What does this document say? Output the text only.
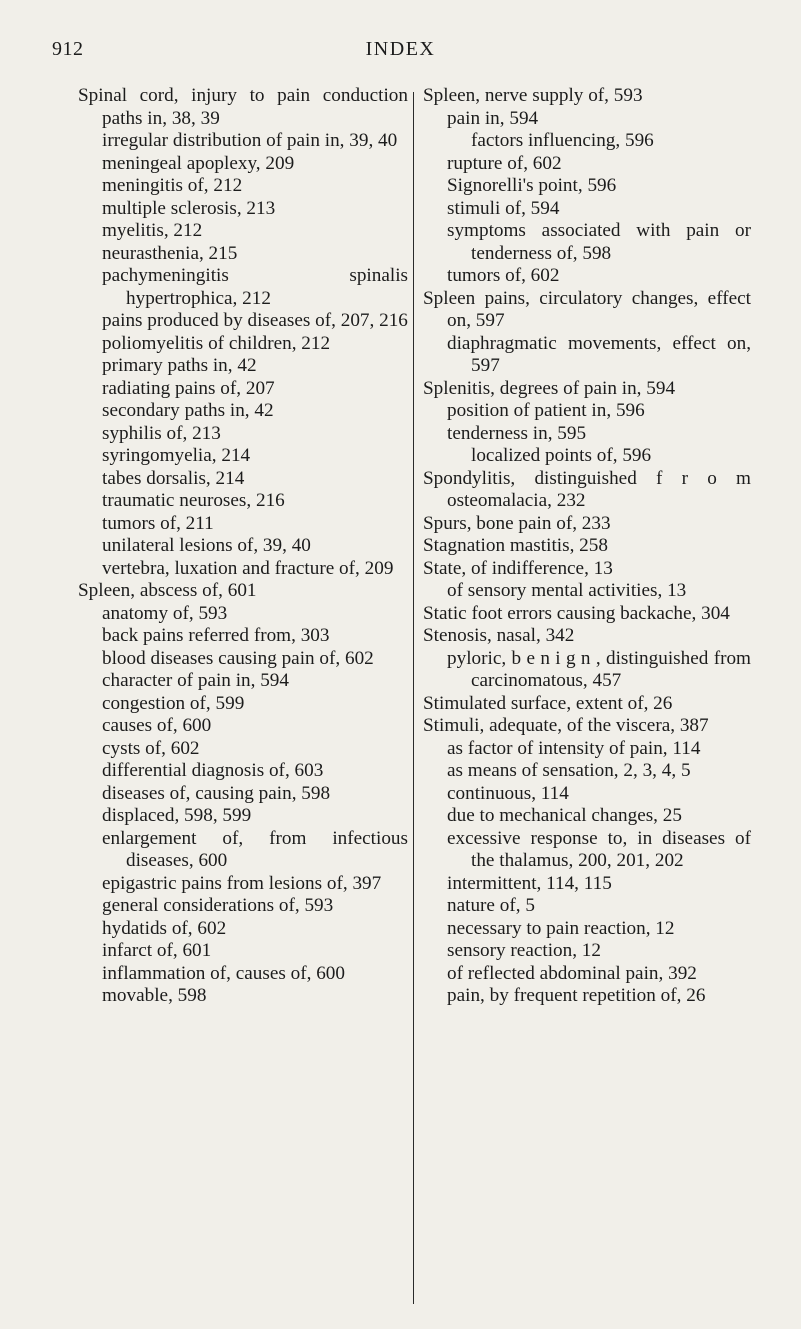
912	INDEX

Spinal cord, injury to pain conduction paths in, 38, 39

irregular distribution of pain in, 39, 40

meningeal apoplexy, 209

meningitis of, 212

multiple sclerosis, 213

myelitis, 212

neurasthenia, 215

pachymeningitis spinalis hypertrophica, 212

pains produced by diseases of, 207, 216

poliomyelitis of children, 212

primary paths in, 42

radiating pains of, 207

secondary paths in, 42

syphilis of, 213

syringomyelia, 214

tabes dorsalis, 214

traumatic neuroses, 216

tumors of, 211

unilateral lesions of, 39, 40

vertebra, luxation and fracture of, 209

Spleen, abscess of, 601

anatomy of, 593

back pains referred from, 303

blood diseases causing pain of, 602

character of pain in, 594

congestion of, 599

causes of, 600

cysts of, 602

differential diagnosis of, 603

diseases of, causing pain, 598

displaced, 598, 599

enlargement of, from infectious diseases, 600

epigastric pains from lesions of, 397

general considerations of, 593

hydatids of, 602

infarct of, 601

inflammation of, causes of, 600

movable, 598

Spleen, nerve supply of, 593

pain in, 594

factors influencing, 596

rupture of, 602

Signorelli's point, 596

stimuli of, 594

symptoms associated with pain or tenderness of, 598

tumors of, 602

Spleen pains, circulatory changes, effect on, 597

diaphragmatic movements, effect on, 597

Splenitis, degrees of pain in, 594

position of patient in, 596

tenderness in, 595

localized points of, 596

Spondylitis, distinguished f r o m osteomalacia, 232

Spurs, bone pain of, 233

Stagnation mastitis, 258

State, of indifference, 13

of sensory mental activities, 13

Static foot errors causing backache, 304

Stenosis, nasal, 342

pyloric, b e n i g n , distinguished from carcinomatous, 457

Stimulated surface, extent of, 26

Stimuli, adequate, of the viscera, 387

as factor of intensity of pain, 114

as means of sensation, 2, 3, 4, 5

continuous, 114

due to mechanical changes, 25

excessive response to, in diseases of the thalamus, 200, 201, 202

intermittent, 114, 115

nature of, 5

necessary to pain reaction, 12

sensory reaction, 12

of reflected abdominal pain, 392

pain, by frequent repetition of, 26
